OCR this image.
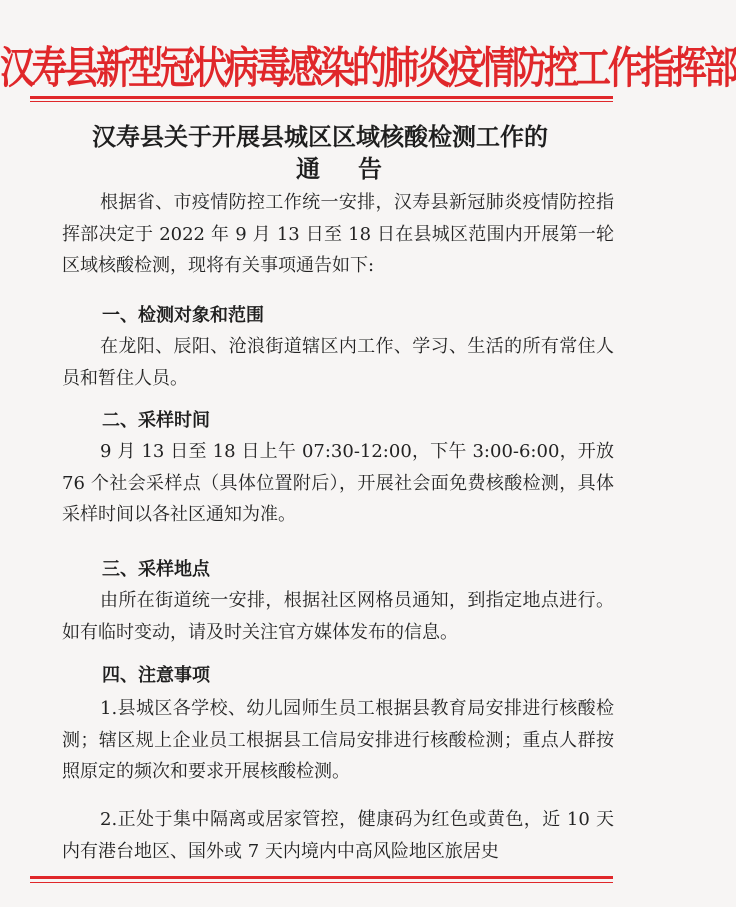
汉寿县新型冠状病毒感染的肺炎疫情防控工作指挥部
汉寿县关于开展县城区区域核酸检测工作的
通告
根据省、市疫情防控工作统一安排，汉寿县新冠肺炎疫情防控指挥部决定于 2022 年 9 月 13 日至 18 日在县城区范围内开展第一轮区域核酸检测，现将有关事项通告如下:
一、检测对象和范围
在龙阳、辰阳、沧浪街道辖区内工作、学习、生活的所有常住人员和暂住人员。
二、采样时间
9 月 13 日至 18 日上午 07:30-12:00，下午 3:00-6:00，开放 76 个社会采样点（具体位置附后），开展社会面免费核酸检测，具体采样时间以各社区通知为准。
三、采样地点
由所在街道统一安排，根据社区网格员通知，到指定地点进行。如有临时变动，请及时关注官方媒体发布的信息。
四、注意事项
1.县城区各学校、幼儿园师生员工根据县教育局安排进行核酸检测；辖区规上企业员工根据县工信局安排进行核酸检测；重点人群按照原定的频次和要求开展核酸检测。
2.正处于集中隔离或居家管控，健康码为红色或黄色，近 10 天内有港台地区、国外或 7 天内境内中高风险地区旅居史
